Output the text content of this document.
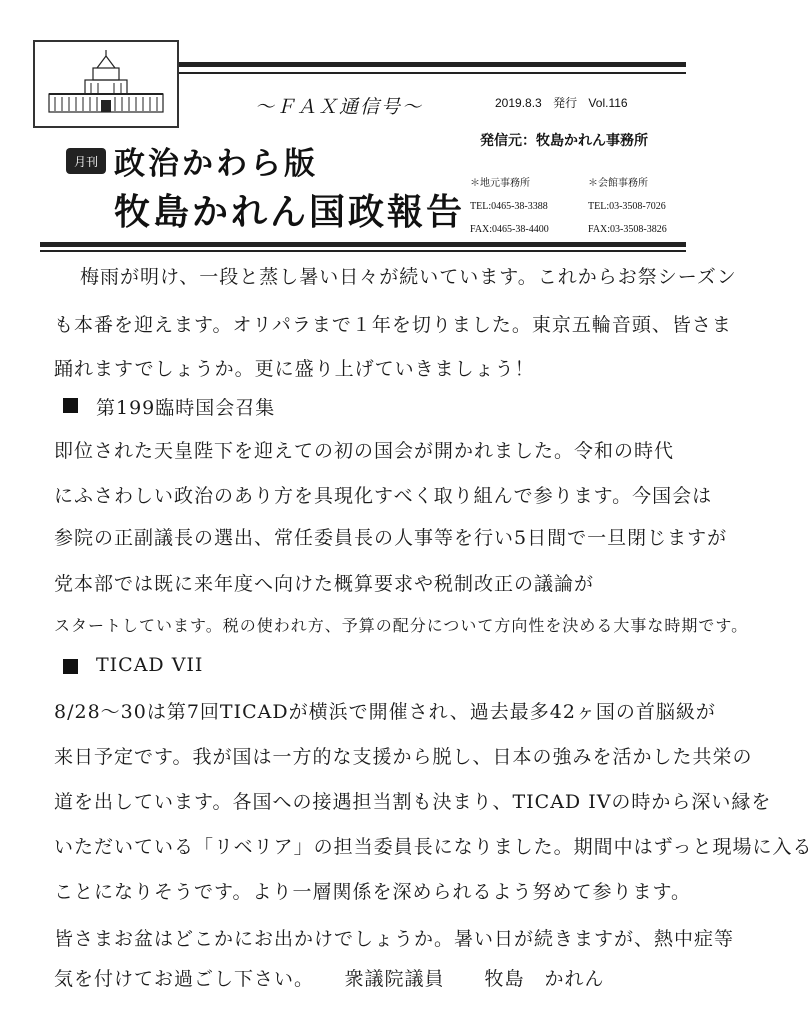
～ＦＡＸ通信号～	2019.8.3 発行 Vol.116
発信元：牧島かれん事務所
月刊 政治かわら版
牧島かれん国政報告
＊地元事務所
TEL:0465-38-3388
FAX:0465-38-4400
＊会館事務所
TEL:03-3508-7026
FAX:03-3508-3826
梅雨が明け、一段と蒸し暑い日々が続いています。これからお祭シーズン
も本番を迎えます。オリパラまで１年を切りました。東京五輪音頭、皆さま
踊れますでしょうか。更に盛り上げていきましょう！
第199臨時国会召集
即位された天皇陛下を迎えての初の国会が開かれました。令和の時代
にふさわしい政治のあり方を具現化すべく取り組んで参ります。今国会は
参院の正副議長の選出、常任委員長の人事等を行い5日間で一旦閉じますが
党本部では既に来年度へ向けた概算要求や税制改正の議論が
スタートしています。税の使われ方、予算の配分について方向性を決める大事な時期です。
TICAD VII
8/28〜30は第7回TICADが横浜で開催され、過去最多42ヶ国の首脳級が
来日予定です。我が国は一方的な支援から脱し、日本の強みを活かした共栄の
道を出しています。各国への接遇担当割も決まり、TICAD IVの時から深い縁を
いただいている「リベリア」の担当委員長になりました。期間中はずっと現場に入る
ことになりそうです。より一層関係を深められるよう努めて参ります。
皆さまお盆はどこかにお出かけでしょうか。暑い日が続きますが、熱中症等
気を付けてお過ごし下さい。　　衆議院議員　　牧島　かれん
